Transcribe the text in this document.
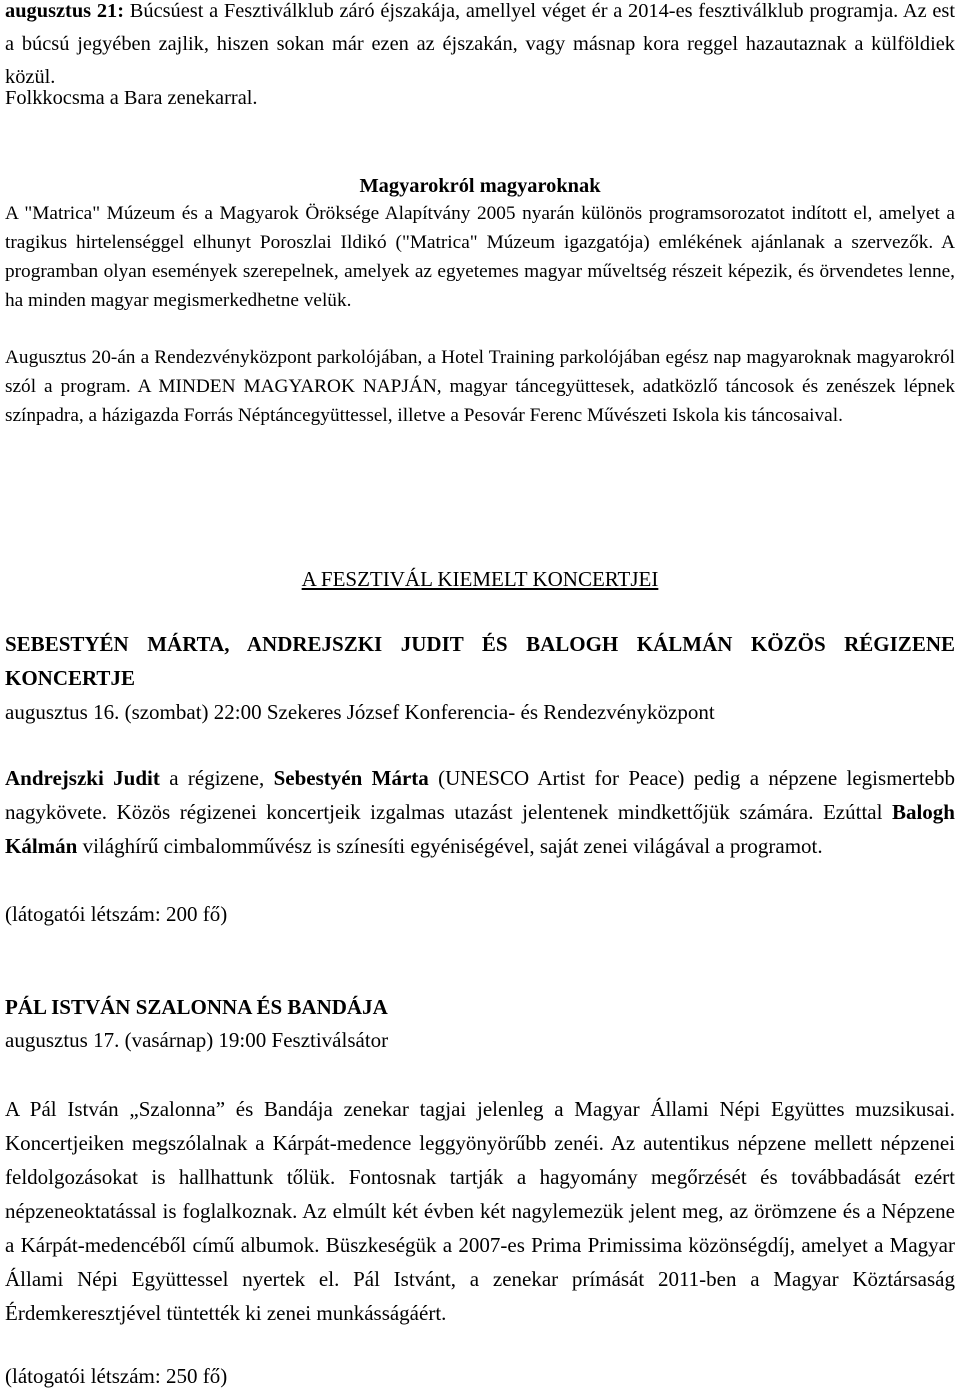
augusztus 21: Búcsúest a Fesztiválklub záró éjszakája, amellyel véget ér a 2014-es fesztiválklub programja. Az est a búcsú jegyében zajlik, hiszen sokan már ezen az éjszakán, vagy másnap kora reggel hazautaznak a külföldiek közül.

Folkkocsma a Bara zenekarral.

Magyarokról magyaroknak

A "Matrica" Múzeum és a Magyarok Öröksége Alapítvány 2005 nyarán különös programsorozatot indított el, amelyet a tragikus hirtelenséggel elhunyt Poroszlai Ildikó ("Matrica" Múzeum igazgatója) emlékének ajánlanak a szervezők. A programban olyan események szerepelnek, amelyek az egyetemes magyar műveltség részeit képezik, és örvendetes lenne, ha minden magyar megismerkedhetne velük.

Augusztus 20-án a Rendezvényközpont parkolójában, a Hotel Training parkolójában egész nap magyaroknak magyarokról szól a program. A MINDEN MAGYAROK NAPJÁN, magyar táncegyüttesek, adatközlő táncosok és zenészek lépnek színpadra, a házigazda Forrás Néptáncegyüttessel, illetve a Pesovár Ferenc Művészeti Iskola kis táncosaival.

A FESZTIVÁL KIEMELT KONCERTJEI

SEBESTYÉN MÁRTA, ANDREJSZKI JUDIT ÉS BALOGH KÁLMÁN KÖZÖS RÉGIZENE KONCERTJE

augusztus 16. (szombat) 22:00 Szekeres József Konferencia- és Rendezvényközpont

Andrejszki Judit a régizene, Sebestyén Márta (UNESCO Artist for Peace) pedig a népzene legismertebb nagykövete. Közös régizenei koncertjeik izgalmas utazást jelentenek mindkettőjük számára. Ezúttal Balogh Kálmán világhírű cimbalomművész is színesíti egyéniségével, saját zenei világával a programot.

(látogatói létszám: 200 fő)

PÁL ISTVÁN SZALONNA ÉS BANDÁJA

augusztus 17. (vasárnap) 19:00 Fesztiválsátor

A Pál István „Szalonna” és Bandája zenekar tagjai jelenleg a Magyar Állami Népi Együttes muzsikusai. Koncertjeiken megszólalnak a Kárpát-medence leggyönyörűbb zenéi. Az autentikus népzene mellett népzenei feldolgozásokat is hallhattunk tőlük. Fontosnak tartják a hagyomány megőrzését és továbbadását ezért népzeneoktatással is foglalkoznak. Az elmúlt két évben két nagylemezük jelent meg, az örömzene és a Népzene a Kárpát-medencéből című albumok. Büszkeségük a 2007-es Prima Primissima közönségdíj, amelyet a Magyar Állami Népi Együttessel nyertek el. Pál Istvánt, a zenekar prímását 2011-ben a Magyar Köztársaság Érdemkeresztjével tüntették ki zenei munkásságáért.

(látogatói létszám: 250 fő)
